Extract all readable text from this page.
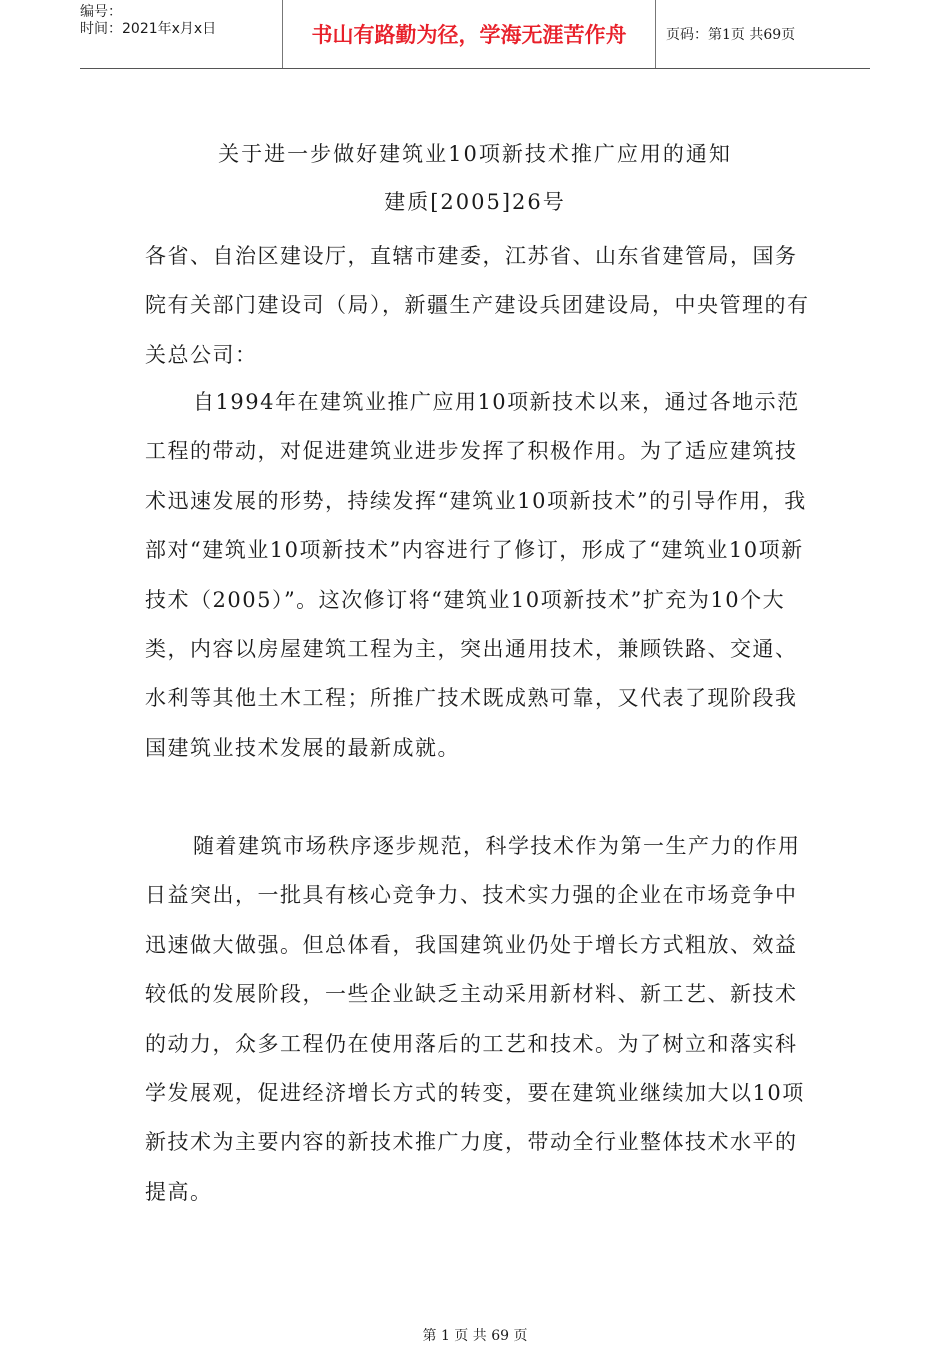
编号：
时间：2021年x月x日	书山有路勤为径，学海无涯苦作舟	页码：第1页 共69页
关于进一步做好建筑业10项新技术推广应用的通知
建质[2005]26号
各省、自治区建设厅，直辖市建委，江苏省、山东省建管局，国务院有关部门建设司（局），新疆生产建设兵团建设局，中央管理的有关总公司：
自1994年在建筑业推广应用10项新技术以来，通过各地示范工程的带动，对促进建筑业进步发挥了积极作用。为了适应建筑技术迅速发展的形势，持续发挥“建筑业10项新技术”的引导作用，我部对“建筑业10项新技术”内容进行了修订，形成了“建筑业10项新技术（2005）”。这次修订将“建筑业10项新技术”扩充为10个大类，内容以房屋建筑工程为主，突出通用技术，兼顾铁路、交通、水利等其他土木工程；所推广技术既成熟可靠，又代表了现阶段我国建筑业技术发展的最新成就。
随着建筑市场秩序逐步规范，科学技术作为第一生产力的作用日益突出，一批具有核心竞争力、技术实力强的企业在市场竞争中迅速做大做强。但总体看，我国建筑业仍处于增长方式粗放、效益较低的发展阶段，一些企业缺乏主动采用新材料、新工艺、新技术的动力，众多工程仍在使用落后的工艺和技术。为了树立和落实科学发展观，促进经济增长方式的转变，要在建筑业继续加大以10项新技术为主要内容的新技术推广力度，带动全行业整体技术水平的提高。
第 1 页 共 69 页
